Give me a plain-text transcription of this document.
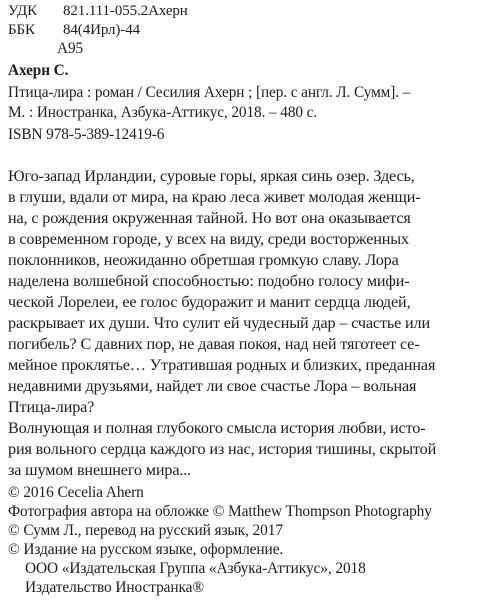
УДК 821.111-055.2Ахерн
ББК 84(4Ирл)-44
А95
Ахерн С.
Птица-лира : роман / Сесилия Ахерн ; [пер. с англ. Л. Сумм]. –
М. : Иностранка, Азбука-Аттикус, 2018. – 480 с.
ISBN 978-5-389-12419-6
Юго-запад Ирландии, суровые горы, яркая синь озер. Здесь,
в глуши, вдали от мира, на краю леса живет молодая женщи-
на, с рождения окруженная тайной. Но вот она оказывается
в современном городе, у всех на виду, среди восторженных
поклонников, неожиданно обретшая громкую славу. Лора
наделена волшебной способностью: подобно голосу мифи-
ческой Лорелеи, ее голос будоражит и манит сердца людей,
раскрывает их души. Что сулит ей чудесный дар – счастье или
погибель? С давних пор, не давая покоя, над ней тяготеет се-
мейное проклятье… Утратившая родных и близких, преданная
недавними друзьями, найдет ли свое счастье Лора – вольная
Птица-лира?
Волнующая и полная глубокого смысла история любви, исто-
рия вольного сердца каждого из нас, история тишины, скрытой
за шумом внешнего мира...
© 2016 Cecelia Ahern
Фотография автора на обложке © Matthew Thompson Photography
© Сумм Л., перевод на русский язык, 2017
© Издание на русском языке, оформление.
ООО «Издательская Группа «Азбука-Аттикус», 2018
Издательство Иностранка®
